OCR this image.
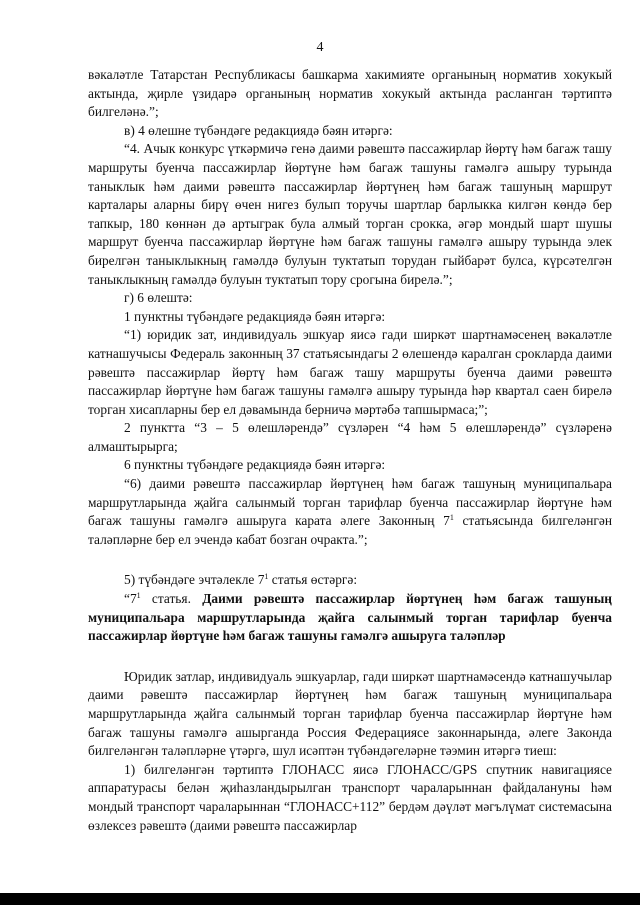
4

вәкаләтле Татарстан Республикасы башкарма хакимияте органының норматив хокукый актында, җирле үзидарә органының норматив хокукый актында расланган тәртиптә билгеләнә.”;

в) 4 өлешне түбәндәге редакциядә бәян итәргә:

“4. Ачык конкурс үткәрмичә генә даими рәвештә пассажирлар йөртү һәм багаж ташу маршруты буенча пассажирлар йөртүне һәм багаж ташуны гамәлгә ашыру турында таныклык һәм даими рәвештә пассажирлар йөртүнең һәм багаж ташуның маршрут карталары аларны бирү өчен нигез булып торучы шартлар барлыкка килгән көндә бер тапкыр, 180 көннән дә артыграк була алмый торган срокка, әгәр мондый шарт шушы маршрут буенча пассажирлар йөртүне һәм багаж ташуны гамәлгә ашыру турында элек бирелгән таныклыкның гамәлдә булуын туктатып торудан гыйбарәт булса, күрсәтелгән таныклыкның гамәлдә булуын туктатып тору срогына бирелә.”;

г) 6 өлештә:

1 пунктны түбәндәге редакциядә бәян итәргә:

“1) юридик зат, индивидуаль эшкуар яисә гади ширкәт шартнамәсенең вәкаләтле катнашучысы Федераль законның 37 статьясындагы 2 өлешендә каралган срокларда даими рәвештә пассажирлар йөртү һәм багаж ташу маршруты буенча даими рәвештә пассажирлар йөртүне һәм багаж ташуны гамәлгә ашыру турында һәр квартал саен бирелә торган хисапларны бер ел дәвамында берничә мәртәбә тапшырмаса;”;

2 пунктта “3 – 5 өлешләрендә” сүзләрен “4 һәм 5 өлешләрендә” сүзләренә алмаштырырга;

6 пунктны түбәндәге редакциядә бәян итәргә:

“6) даими рәвештә пассажирлар йөртүнең һәм багаж ташуның муниципальара маршрутларында җайга салынмый торган тарифлар буенча пассажирлар йөртүне һәм багаж ташуны гамәлгә ашыруга карата әлеге Законның $7^1$ статьясында билгеләнгән таләпләрне бер ел эчендә кабат бозган очракта.”;

5) түбәндәге эчтәлекле $7^1$ статья өстәргә:

“$7^1$ статья. Даими рәвештә пассажирлар йөртүнең һәм багаж ташуның муниципальара маршрутларында җайга салынмый торган тарифлар буенча пассажирлар йөртүне һәм багаж ташуны гамәлгә ашыруга таләпләр

Юридик затлар, индивидуаль эшкуарлар, гади ширкәт шартнамәсендә катнашучылар даими рәвештә пассажирлар йөртүнең һәм багаж ташуның муниципальара маршрутларында җайга салынмый торган тарифлар буенча пассажирлар йөртүне һәм багаж ташуны гамәлгә ашырганда Россия Федерациясе законнарында, әлеге Законда билгеләнгән таләпләрне үтәргә, шул исәптән түбәндәгеләрне тәэмин итәргә тиеш:

1) билгеләнгән тәртиптә ГЛОНАСС яисә ГЛОНАСС/GPS спутник навигациясе аппаратурасы белән җиһазландырылган транспорт чараларыннан файдалануны һәм мондый транспорт чараларыннан “ГЛОНАСС+112” бердәм дәүләт мәгълүмат системасына өзлексез рәвештә (даими рәвештә пассажирлар
